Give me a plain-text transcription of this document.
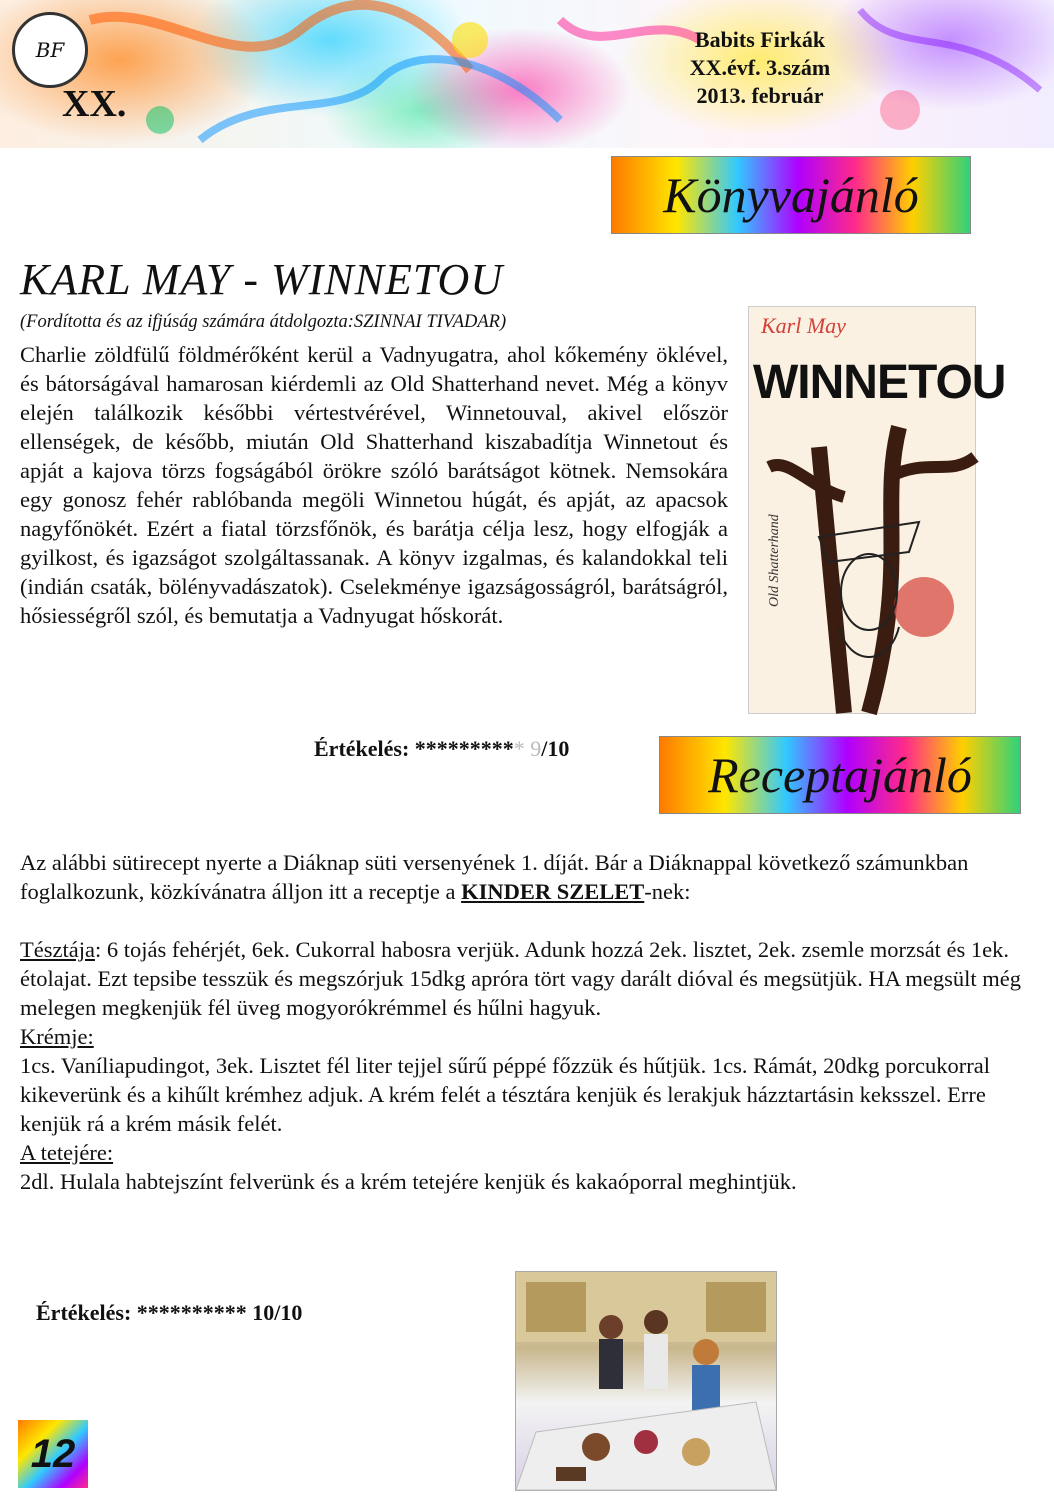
BF
XX.
Babits Firkák
XX.évf. 3.szám
2013. február
Könyvajánló
KARL MAY - WINNETOU
(Fordította és az ifjúság számára átdolgozta:SZINNAI TIVADAR)

Charlie zöldfülű földmérőként kerül a Vadnyugatra, ahol kőkemény öklével, és bátorságával hamarosan kiérdemli az Old Shatterhand nevet. Még a könyv elején találkozik későbbi vértestvérével, Winnetouval, akivel először ellenségek, de később, miután Old Shatterhand kiszabadítja Winnetout és apját a kajova törzs fogságából örökre szóló barátságot kötnek. Nemsokára egy gonosz fehér rablóbanda megöli Winnetou húgát, és apját, az apacsok nagyfőnökét. Ezért a fiatal törzsfőnök, és barátja célja lesz, hogy elfogják a gyilkost, és igazságot szolgáltassanak. A könyv izgalmas, és kalandokkal teli (indián csaták, bölényvadászatok). Cselekménye igazságosságról, barátságról, hősiességről szól, és bemutatja a Vadnyugat hőskorát.

Karl May
WINNETOU
Old Shatterhand
Értékelés: ********** 9/10	Receptajánló

Az alábbi sütirecept nyerte a Diáknap süti versenyének 1. díját. Bár a Diáknappal következő számunkban foglalkozunk, közkívánatra álljon itt a receptje a KINDER SZELET-nek:

Tésztája: 6 tojás fehérjét, 6ek. Cukorral habosra verjük. Adunk hozzá 2ek. lisztet, 2ek. zsemle morzsát és 1ek. étolajat. Ezt tepsibe tesszük és megszórjuk 15dkg apróra tört vagy darált dióval és megsütjük. HA megsült még melegen megkenjük fél üveg mogyorókrémmel és hűlni hagyuk.

Krémje:

1cs. Vaníliapudingot, 3ek. Lisztet fél liter tejjel sűrű péppé főzzük és hűtjük. 1cs. Rámát, 20dkg porcukorral kikeverünk és a kihűlt krémhez adjuk. A krém felét a tésztára kenjük és lerakjuk házztartásin keksszel. Erre kenjük rá a krém másik felét.

A tetejére:

2dl. Hulala habtejszínt felverünk és a krém tetejére kenjük és kakaóporral meghintjük.

Értékelés: ********** 10/10
12
